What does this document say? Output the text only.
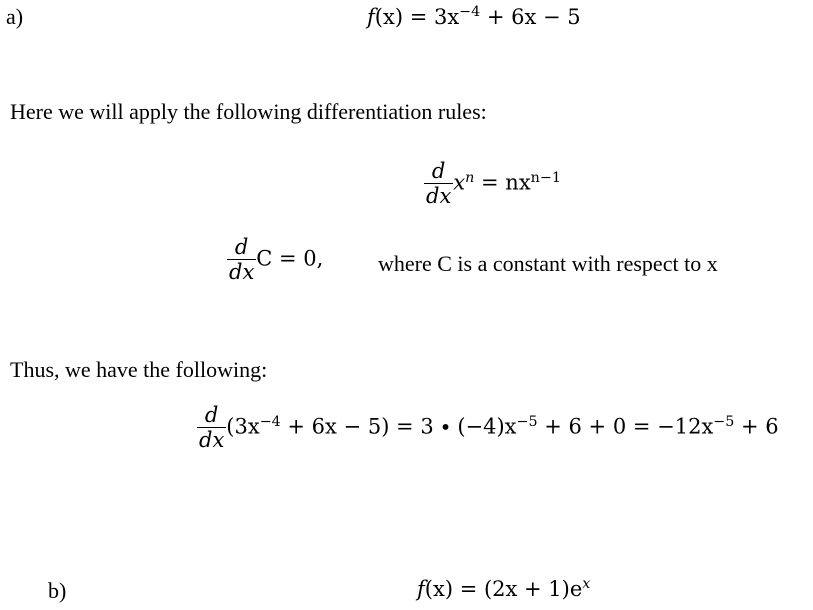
a)	$f(x) = 3x^{-4} + 6x - 5$
Here we will apply the following differentiation rules:
$\frac{d}{dx} x^n = nx^{n-1}$
$\frac{d}{dx}$ C = 0, where C is a constant with respect to x
Thus, we have the following:
$\frac{d}{dx} (3x^{-4} + 6x - 5) = 3 \cdot (-4)x^{-5} + 6 + 0 = -12x^{-5} + 6$
b)	$f(x) = (2x + 1)e^x$
